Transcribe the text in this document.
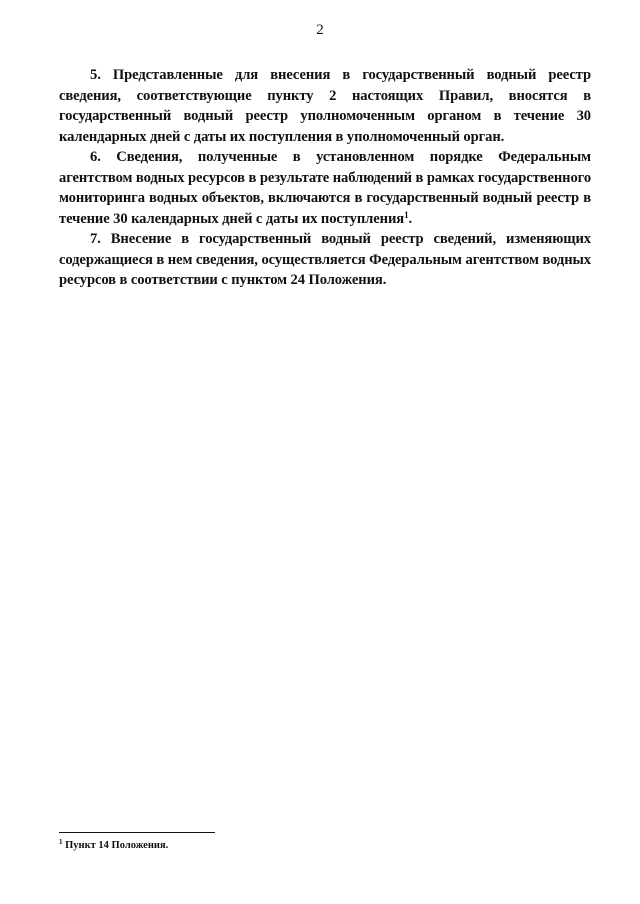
2

5. Представленные для внесения в государственный водный реестр сведения, соответствующие пункту 2 настоящих Правил, вносятся в государственный водный реестр уполномоченным органом в течение 30 календарных дней с даты их поступления в уполномоченный орган.

6. Сведения, полученные в установленном порядке Федеральным агентством водных ресурсов в результате наблюдений в рамках государственного мониторинга водных объектов, включаются в государственный водный реестр в течение 30 календарных дней с даты их поступления$^1$.

7. Внесение в государственный водный реестр сведений, изменяющих содержащиеся в нем сведения, осуществляется Федеральным агентством водных ресурсов в соответствии с пунктом 24 Положения.

$^1$ Пункт 14 Положения.
